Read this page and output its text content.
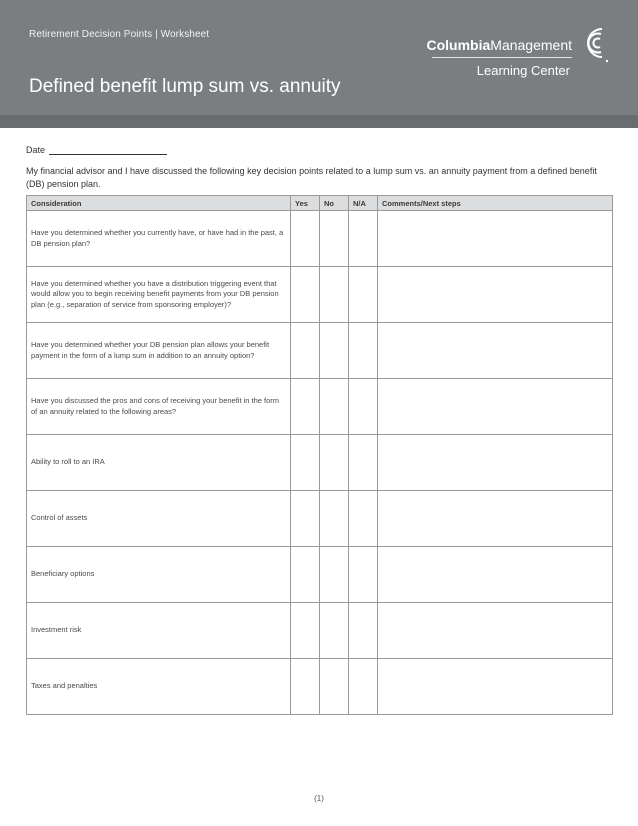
Retirement Decision Points | Worksheet
Defined benefit lump sum vs. annuity
ColumbiaManagement
Learning Center
Date

My financial advisor and I have discussed the following key decision points related to a lump sum vs. an annuity payment from a defined benefit (DB) pension plan.

Consideration	Yes	No	N/A	Comments/Next steps
Have you determined whether you currently have, or have had in the past, a DB pension plan?				
Have you determined whether you have a distribution triggering event that would allow you to begin receiving benefit payments from your DB pension plan (e.g., separation of service from sponsoring employer)?				
Have you determined whether your DB pension plan allows your benefit payment in the form of a lump sum in addition to an annuity option?				
Have you discussed the pros and cons of receiving your benefit in the form of an annuity related to the following areas?				
Ability to roll to an IRA				
Control of assets				
Beneficiary options				
Investment risk				
Taxes and penalties				
(1)
